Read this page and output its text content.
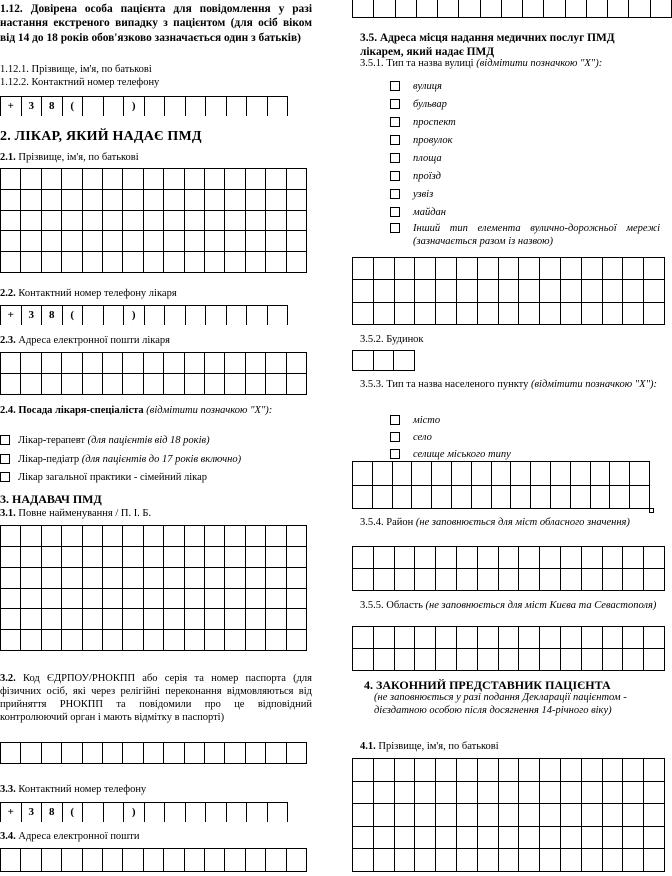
1.12. Довірена особа пацієнта для повідомлення у разі настання екстреного випадку з пацієнтом (для осіб віком від 14 до 18 років обов'язково зазначається один з батьків)
1.12.1. Прізвище, ім'я, по батькові
1.12.2. Контактний номер телефону
+	3	8	(	)
2. ЛІКАР, ЯКИЙ НАДАЄ ПМД
2.1. Прізвище, ім'я, по батькові
2.2. Контактний номер телефону лікаря
+	3	8	(	)
2.3. Адреса електронної пошти лікаря
2.4. Посада лікаря-спеціаліста (відмітити позначкою "Х"):
Лікар-терапевт
(для пацієнтів від 18 років)
Лікар-педіатр
(для пацієнтів до 17 років включно)
Лікар загальної практики - сімейний лікар
3. НАДАВАЧ ПМД
3.1. Повне найменування / П. І. Б.
3.2. Код ЄДРПОУ/РНОКПП або серія та номер паспорта (для фізичних осіб, які через релігійні переконання відмовляються від прийняття РНОКПП та повідомили про це відповідний контролюючий орган і мають відмітку в паспорті)
3.3. Контактний номер телефону
+	3	8	(	)
3.4. Адреса електронної пошти
3.5. Адреса місця надання медичних послуг ПМД лікарем, який надає ПМД
3.5.1. Тип та назва вулиці (відмітити позначкою "Х"):
вулиця
бульвар
проспект
провулок
площа
проїзд
узвіз
майдан
Інший тип елемента вулично-дорожньої мережі (зазначається разом із назвою)
3.5.2. Будинок
3.5.3. Тип та назва населеного пункту (відмітити позначкою "Х"):
місто
село
селище міського типу
3.5.4. Район (не заповнюється для міст обласного значення)
3.5.5. Область (не заповнюється для міст Києва та Севастополя)
4. ЗАКОННИЙ ПРЕДСТАВНИК ПАЦІЄНТА
(не заповнюється у разі подання Декларації пацієнтом - дієздатною особою після досягнення 14-річного віку)
4.1. Прізвище, ім'я, по батькові
